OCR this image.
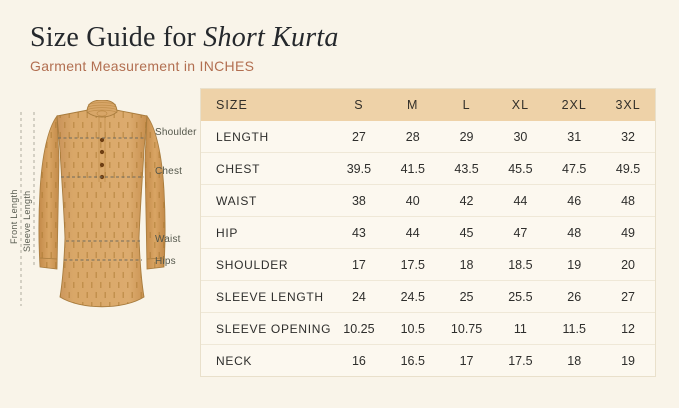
Size Guide for Short Kurta
Garment Measurement in INCHES
Front Length Sleeve Length
Shoulder
Chest
Waist
Hips
SIZE	S	M	L	XL	2XL	3XL
LENGTH	27	28	29	30	31	32
CHEST	39.5	41.5	43.5	45.5	47.5	49.5
WAIST	38	40	42	44	46	48
HIP	43	44	45	47	48	49
SHOULDER	17	17.5	18	18.5	19	20
SLEEVE LENGTH	24	24.5	25	25.5	26	27
SLEEVE OPENING	10.25	10.5	10.75	11	11.5	12
NECK	16	16.5	17	17.5	18	19
